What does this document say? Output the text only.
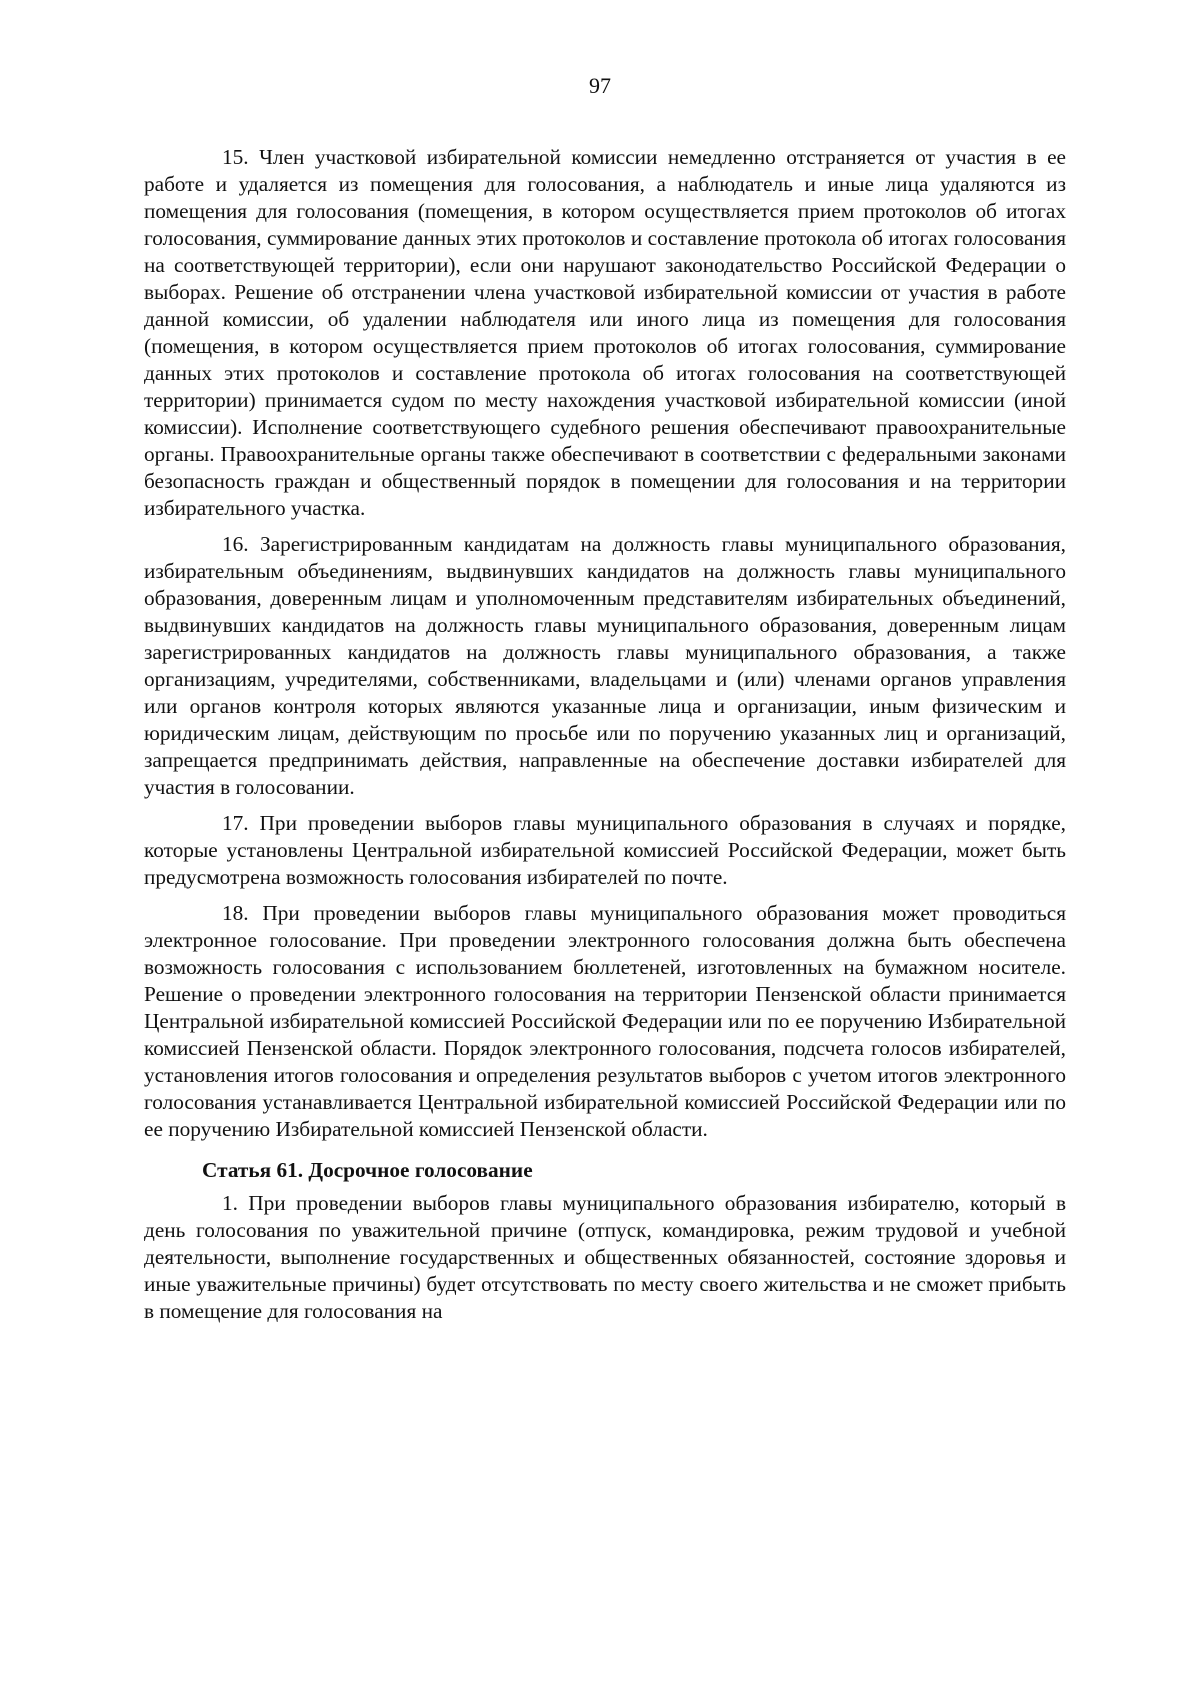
97

15. Член участковой избирательной комиссии немедленно отстраняется от участия в ее работе и удаляется из помещения для голосования, а наблюдатель и иные лица удаляются из помещения для голосования (помещения, в котором осуществляется прием протоколов об итогах голосования, суммирование данных этих протоколов и составление протокола об итогах голосования на соответствующей территории), если они нарушают законодательство Российской Федерации о выборах. Решение об отстранении члена участковой избирательной комиссии от участия в работе данной комиссии, об удалении наблюдателя или иного лица из помещения для голосования (помещения, в котором осуществляется прием протоколов об итогах голосования, суммирование данных этих протоколов и составление протокола об итогах голосования на соответствующей территории) принимается судом по месту нахождения участковой избирательной комиссии (иной комиссии). Исполнение соответствующего судебного решения обеспечивают правоохранительные органы. Правоохранительные органы также обеспечивают в соответствии с федеральными законами безопасность граждан и общественный порядок в помещении для голосования и на территории избирательного участка.

16. Зарегистрированным кандидатам на должность главы муниципального образования, избирательным объединениям, выдвинувших кандидатов на должность главы муниципального образования, доверенным лицам и уполномоченным представителям избирательных объединений, выдвинувших кандидатов на должность главы муниципального образования, доверенным лицам зарегистрированных кандидатов на должность главы муниципального образования, а также организациям, учредителями, собственниками, владельцами и (или) членами органов управления или органов контроля которых являются указанные лица и организации, иным физическим и юридическим лицам, действующим по просьбе или по поручению указанных лиц и организаций, запрещается предпринимать действия, направленные на обеспечение доставки избирателей для участия в голосовании.

17. При проведении выборов главы муниципального образования в случаях и порядке, которые установлены Центральной избирательной комиссией Российской Федерации, может быть предусмотрена возможность голосования избирателей по почте.

18. При проведении выборов главы муниципального образования может проводиться электронное голосование. При проведении электронного голосования должна быть обеспечена возможность голосования с использованием бюллетеней, изготовленных на бумажном носителе. Решение о проведении электронного голосования на территории Пензенской области принимается Центральной избирательной комиссией Российской Федерации или по ее поручению Избирательной комиссией Пензенской области. Порядок электронного голосования, подсчета голосов избирателей, установления итогов голосования и определения результатов выборов с учетом итогов электронного голосования устанавливается Центральной избирательной комиссией Российской Федерации или по ее поручению Избирательной комиссией Пензенской области.

Статья 61. Досрочное голосование

1. При проведении выборов главы муниципального образования избирателю, который в день голосования по уважительной причине (отпуск, командировка, режим трудовой и учебной деятельности, выполнение государственных и общественных обязанностей, состояние здоровья и иные уважительные причины) будет отсутствовать по месту своего жительства и не сможет прибыть в помещение для голосования на
